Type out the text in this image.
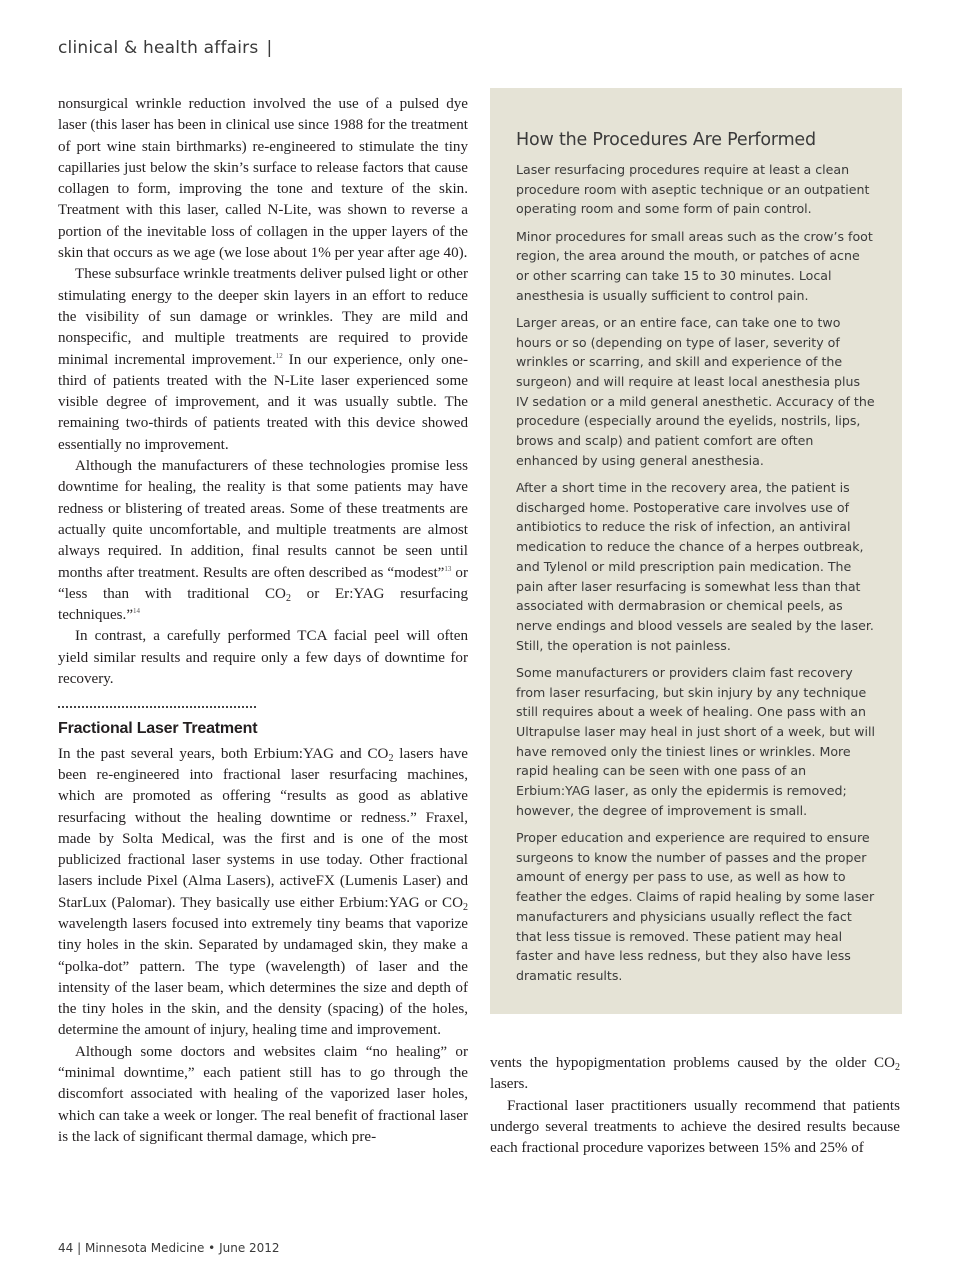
clinical & health affairs |

nonsurgical wrinkle reduction involved the use of a pulsed dye laser (this laser has been in clinical use since 1988 for the treatment of port wine stain birthmarks) re-engineered to stimulate the tiny capillaries just below the skin’s surface to release factors that cause collagen to form, improving the tone and texture of the skin. Treatment with this laser, called N-Lite, was shown to reverse a portion of the inevitable loss of collagen in the upper layers of the skin that occurs as we age (we lose about 1% per year after age 40).

These subsurface wrinkle treatments deliver pulsed light or other stimulating energy to the deeper skin layers in an effort to reduce the visibility of sun damage or wrinkles. They are mild and nonspecific, and multiple treatments are required to provide minimal incremental improvement.$^{12}$ In our experience, only one-third of patients treated with the N-Lite laser experienced some visible degree of improvement, and it was usually subtle. The remaining two-thirds of patients treated with this device showed essentially no improvement.

Although the manufacturers of these technologies promise less downtime for healing, the reality is that some patients may have redness or blistering of treated areas. Some of these treatments are actually quite uncomfortable, and multiple treatments are almost always required. In addition, final results cannot be seen until months after treatment. Results are often described as “modest”$^{13}$ or “less than with traditional $CO_2$ or Er:YAG resurfacing techniques.”$^{14}$

In contrast, a carefully performed TCA facial peel will often yield similar results and require only a few days of downtime for recovery.

Fractional Laser Treatment

In the past several years, both Erbium:YAG and $CO_2$ lasers have been re-engineered into fractional laser resurfacing machines, which are promoted as offering “results as good as ablative resurfacing without the healing downtime or redness.” Fraxel, made by Solta Medical, was the first and is one of the most publicized fractional laser systems in use today. Other fractional lasers include Pixel (Alma Lasers), activeFX (Lumenis Laser) and StarLux (Palomar). They basically use either Erbium:YAG or $CO_2$ wavelength lasers focused into extremely tiny beams that vaporize tiny holes in the skin. Separated by undamaged skin, they make a “polka-dot” pattern. The type (wavelength) of laser and the intensity of the laser beam, which determines the size and depth of the tiny holes in the skin, and the density (spacing) of the holes, determine the amount of injury, healing time and improvement.

Although some doctors and websites claim “no healing” or “minimal downtime,” each patient still has to go through the discomfort associated with healing of the vaporized laser holes, which can take a week or longer. The real benefit of fractional laser is the lack of significant thermal damage, which pre-

How the Procedures Are Performed

Laser resurfacing procedures require at least a clean procedure room with aseptic technique or an outpatient operating room and some form of pain control.

Minor procedures for small areas such as the crow’s foot region, the area around the mouth, or patches of acne or other scarring can take 15 to 30 minutes. Local anesthesia is usually sufficient to control pain.

Larger areas, or an entire face, can take one to two hours or so (depending on type of laser, severity of wrinkles or scarring, and skill and experience of the surgeon) and will require at least local anesthesia plus IV sedation or a mild general anesthetic. Accuracy of the procedure (especially around the eyelids, nostrils, lips, brows and scalp) and patient comfort are often enhanced by using general anesthesia.

After a short time in the recovery area, the patient is discharged home. Postoperative care involves use of antibiotics to reduce the risk of infection, an antiviral medication to reduce the chance of a herpes outbreak, and Tylenol or mild prescription pain medication. The pain after laser resurfacing is somewhat less than that associated with dermabrasion or chemical peels, as nerve endings and blood vessels are sealed by the laser. Still, the operation is not painless.

Some manufacturers or providers claim fast recovery from laser resurfacing, but skin injury by any technique still requires about a week of healing. One pass with an Ultrapulse laser may heal in just short of a week, but will have removed only the tiniest lines or wrinkles. More rapid healing can be seen with one pass of an Erbium:YAG laser, as only the epidermis is removed; however, the degree of improvement is small.

Proper education and experience are required to ensure surgeons to know the number of passes and the proper amount of energy per pass to use, as well as how to feather the edges. Claims of rapid healing by some laser manufacturers and physicians usually reflect the fact that less tissue is removed. These patient may heal faster and have less redness, but they also have less dramatic results.

vents the hypopigmentation problems caused by the older $CO_2$ lasers.

Fractional laser practitioners usually recommend that patients undergo several treatments to achieve the desired results because each fractional procedure vaporizes between 15% and 25% of

44 | Minnesota Medicine • June 2012
